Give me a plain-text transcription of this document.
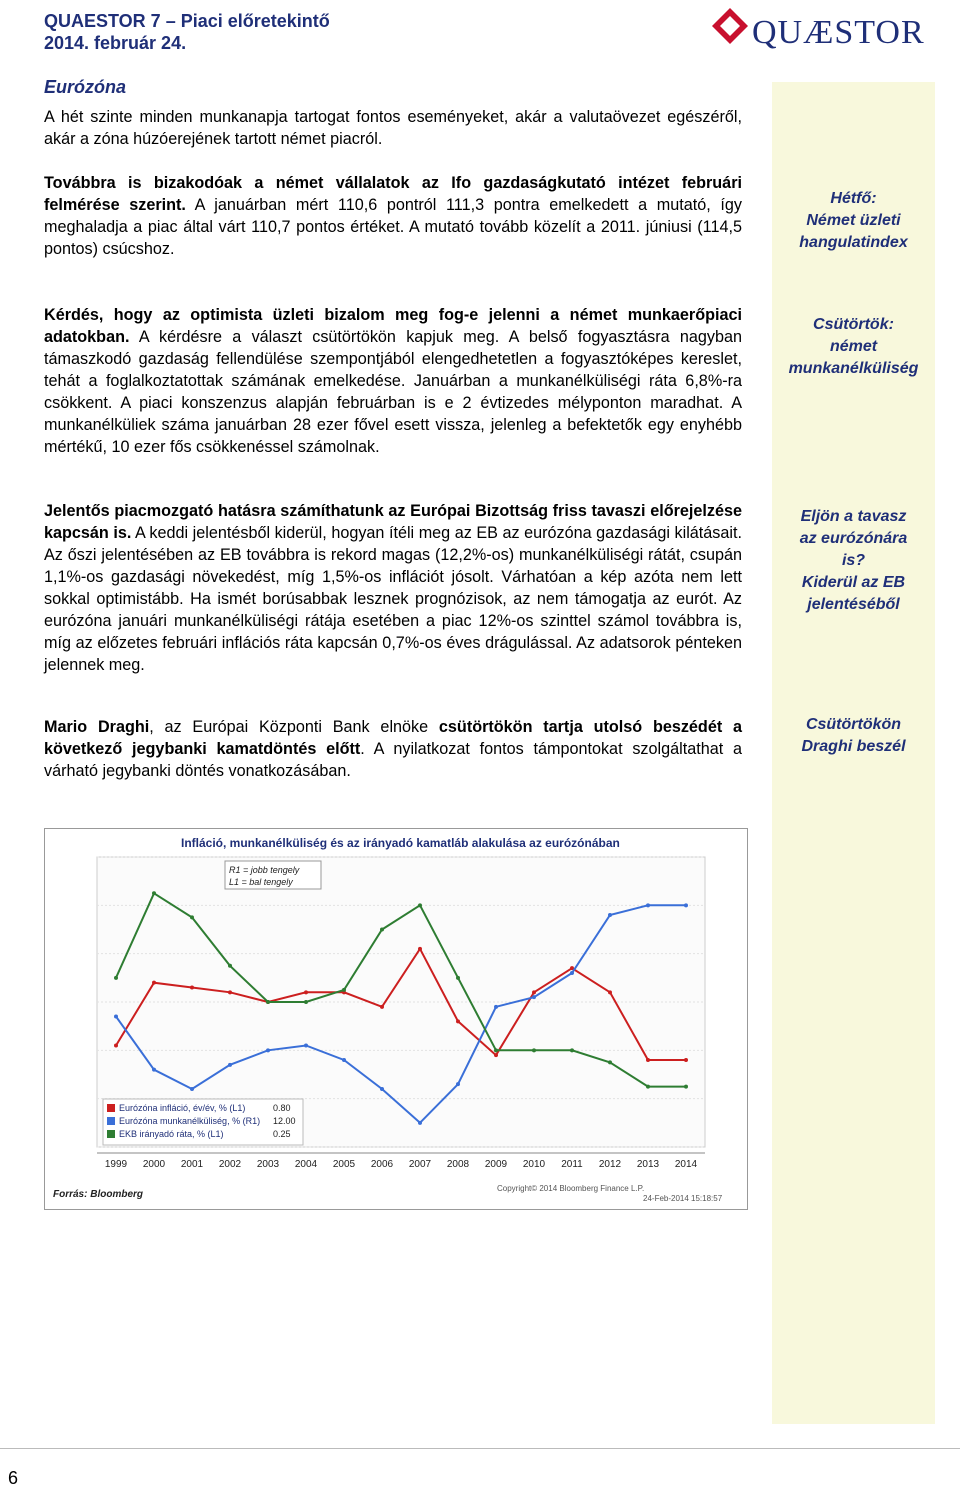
QUAESTOR 7 – Piaci előretekintő
2014. február 24.	QUÆSTOR
Eurózóna

A hét szinte minden munkanapja tartogat fontos eseményeket, akár a valutaövezet egészéről, akár a zóna húzóerejének tartott német piacról.

Továbbra is bizakodóak a német vállalatok az Ifo gazdaságkutató intézet februári felmérése szerint. A januárban mért 110,6 pontról 111,3 pontra emelkedett a mutató, így meghaladja a piac által várt 110,7 pontos értéket. A mutató tovább közelít a 2011. júniusi (114,5 pontos) csúcshoz.

Kérdés, hogy az optimista üzleti bizalom meg fog-e jelenni a német munkaerőpiaci adatokban. A kérdésre a választ csütörtökön kapjuk meg. A belső fogyasztásra nagyban támaszkodó gazdaság fellendülése szempontjából elengedhetetlen a fogyasztóképes kereslet, tehát a foglalkoztatottak számának emelkedése. Januárban a munkanélküliségi ráta 6,8%-ra csökkent. A piaci konszenzus alapján februárban is e 2 évtizedes mélyponton maradhat. A munkanélküliek száma januárban 28 ezer fővel esett vissza, jelenleg a befektetők egy enyhébb mértékű, 10 ezer fős csökkenéssel számolnak.

Jelentős piacmozgató hatásra számíthatunk az Európai Bizottság friss tavaszi előrejelzése kapcsán is. A keddi jelentésből kiderül, hogyan ítéli meg az EB az eurózóna gazdasági kilátásait. Az őszi jelentésében az EB továbbra is rekord magas (12,2%-os) munkanélküliségi rátát, csupán 1,1%-os gazdasági növekedést, míg 1,5%-os inflációt jósolt. Várhatóan a kép azóta nem lett sokkal optimistább. Ha ismét borúsabbak lesznek prognózisok, az nem támogatja az eurót. Az eurózóna januári munkanélküliségi rátája esetében a piac 12%-os szinttel számol továbbra is, míg az előzetes februári inflációs ráta kapcsán 0,7%-os éves drágulással. Az adatsorok pénteken jelennek meg.

Mario Draghi, az Európai Központi Bank elnöke csütörtökön tartja utolsó beszédét a következő jegybanki kamatdöntés előtt. A nyilatkozat fontos támpontokat szolgáltathat a várható jegybanki döntés vonatkozásában.

Hétfő:
Német üzleti
hangulatindex
Csütörtök:
német
munkanélküliség
Eljön a tavasz
az eurózónára
is?
Kiderül az EB
jelentéséből
Csütörtökön
Draghi beszél
Infláció, munkanélküliség és az irányadó kamatláb alakulása az eurózónában
R1 = jobb tengely
L1 = bal tengely
Eurózóna infláció, év/év, % (L1)	0.80
Eurózóna munkanélküliség, % (R1) 12.00
EKB irányadó ráta, % (L1)	0.25
1999 2000 2001 2002 2003 2004 2005 2006 2007 2008 2009 2010 2011 2012 2013 2014
Forrás: Bloomberg
Copyright© 2014 Bloomberg Finance L.P.
24-Feb-2014 15:18:57
6
